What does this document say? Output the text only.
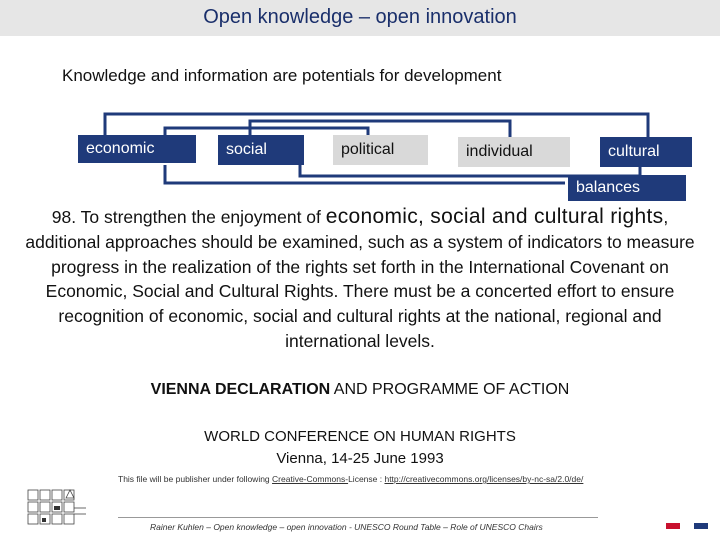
Open knowledge – open innovation
Knowledge and information are potentials for development
economic	social	political	individual	cultural
balances
98. To strengthen the enjoyment of economic, social and cultural rights, additional approaches should be examined, such as a system of indicators to measure progress in the realization of the rights set forth in the International Covenant on Economic, Social and Cultural Rights. There must be a concerted effort to ensure recognition of economic, social and cultural rights at the national, regional and international levels.
VIENNA DECLARATION AND PROGRAMME OF ACTION
WORLD CONFERENCE ON HUMAN RIGHTS
Vienna, 14-25 June 1993
This file will be publisher under following Creative-Commons-License : http://creativecommons.org/licenses/by-nc-sa/2.0/de/
Rainer Kuhlen – Open knowledge – open innovation - UNESCO Round Table – Role of UNESCO Chairs
